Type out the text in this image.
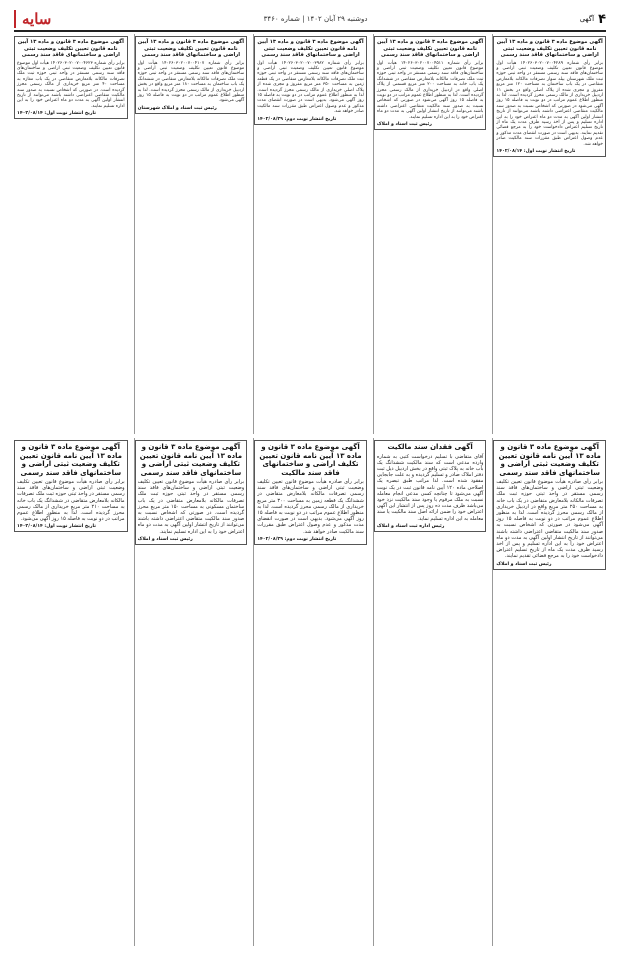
۴
آگهی
دوشنبه ۲۹ آبان ۱۴۰۲ | شماره ۳۴۶۰
سایه
آگهی موضوع ماده ۳ قانون و ماده ۱۳ آیین نامه قانون تعیین تکلیف وضعیت ثبتی اراضی و ساختمانهای فاقد سند رسمی

برابر رأی شماره ۱۴۰۲۶۰۳۰۲۰۰۷۰۰۴۲۸۹ هیأت اول موضوع قانون تعیین تکلیف وضعیت ثبتی اراضی و ساختمان‌های فاقد سند رسمی مستقر در واحد ثبتی حوزه ثبت ملک شهرستان بیله سوار تصرفات مالکانه بلامعارض متقاضی در یک باب ساختمان به مساحت ۱۲۰ متر مربع مفروز و مجزی شده از پلاک اصلی واقع در بخش ۱۱ اردبیل خریداری از مالک رسمی محرز گردیده است. لذا به منظور اطلاع عموم مراتب در دو نوبت به فاصله ۱۵ روز آگهی می‌شود در صورتی که اشخاص نسبت به صدور سند مالکیت متقاضی اعتراضی داشته باشند می‌توانند از تاریخ انتشار اولین آگهی به مدت دو ماه اعتراض خود را به این اداره تسلیم و پس از اخذ رسید ظرف مدت یک ماه از تاریخ تسلیم اعتراض دادخواست خود را به مرجع قضائی تقدیم نمایند. بدیهی است در صورت انقضای مدت مذکور و عدم وصول اعتراض طبق مقررات سند مالکیت صادر خواهد شد.

تاریخ انتشار نوبت اول: ۱۴۰۲/۰۸/۱۴
آگهی موضوع ماده ۳ قانون و ماده ۱۳ آیین نامه قانون تعیین تکلیف وضعیت ثبتی اراضی و ساختمانهای فاقد سند رسمی

برابر رأی شماره ۱۴۰۲۶۰۳۰۲۰۰۷۰۰۴۵۱۱ هیأت اول موضوع قانون تعیین تکلیف وضعیت ثبتی اراضی و ساختمان‌های فاقد سند رسمی مستقر در واحد ثبتی حوزه ثبت ملک تصرفات مالکانه بلامعارض متقاضی در ششدانگ یک باب خانه به مساحت ۲۰۰ متر مربع قسمتی از پلاک اصلی واقع در اردبیل خریداری از مالک رسمی محرز گردیده است. لذا به منظور اطلاع عموم مراتب در دو نوبت به فاصله ۱۵ روز آگهی می‌شود در صورتی که اشخاص نسبت به صدور سند مالکیت متقاضی اعتراضی داشته باشند می‌توانند از تاریخ انتشار اولین آگهی به مدت دو ماه اعتراض خود را به این اداره تسلیم نمایند.

رئیس ثبت اسناد و املاک
آگهی موضوع ماده ۳ قانون و ماده ۱۳ آیین نامه قانون تعیین تکلیف وضعیت ثبتی اراضی و ساختمانهای فاقد سند رسمی

برابر رأی شماره ۱۴۰۲۶۰۳۰۲۰۰۷۰۰۳۹۸۲ هیأت اول موضوع قانون تعیین تکلیف وضعیت ثبتی اراضی و ساختمان‌های فاقد سند رسمی مستقر در واحد ثبتی حوزه ثبت ملک تصرفات مالکانه بلامعارض متقاضی در یک قطعه زمین به مساحت ۳۵۰ متر مربع مفروز و مجزی شده از پلاک اصلی خریداری از مالک رسمی محرز گردیده است. لذا به منظور اطلاع عموم مراتب در دو نوبت به فاصله ۱۵ روز آگهی می‌شود. بدیهی است در صورت انقضای مدت مذکور و عدم وصول اعتراض طبق مقررات سند مالکیت صادر خواهد شد.

تاریخ انتشار نوبت دوم: ۱۴۰۲/۰۸/۲۹
آگهی موضوع ماده ۳ قانون و ماده ۱۳ آیین نامه قانون تعیین تکلیف وضعیت ثبتی اراضی و ساختمانهای فاقد سند رسمی

برابر رأی شماره ۱۴۰۲۶۰۳۰۲۰۰۷۰۰۴۱۰۷ هیأت اول موضوع قانون تعیین تکلیف وضعیت ثبتی اراضی و ساختمان‌های فاقد سند رسمی مستقر در واحد ثبتی حوزه ثبت ملک تصرفات مالکانه بلامعارض متقاضی در ششدانگ یک باب ساختمان به مساحت ۱۸۰ متر مربع واقع در بخش اردبیل خریداری از مالک رسمی محرز گردیده است. لذا به منظور اطلاع عموم مراتب در دو نوبت به فاصله ۱۵ روز آگهی می‌شود.

رئیس ثبت اسناد و املاک شهرستان
آگهی موضوع ماده ۳ قانون و ماده ۱۳ آیین نامه قانون تعیین تکلیف وضعیت ثبتی اراضی و ساختمانهای فاقد سند رسمی

برابر رأی شماره ۱۴۰۲۶۰۳۰۲۰۰۷۰۰۴۶۲۳ هیأت اول موضوع قانون تعیین تکلیف وضعیت ثبتی اراضی و ساختمان‌های فاقد سند رسمی مستقر در واحد ثبتی حوزه ثبت ملک تصرفات مالکانه بلامعارض متقاضی در یک باب مغازه به مساحت ۴۰ متر مربع خریداری از مالک رسمی محرز گردیده است. در صورتی که اشخاص نسبت به صدور سند مالکیت متقاضی اعتراضی داشته باشند می‌توانند از تاریخ انتشار اولین آگهی به مدت دو ماه اعتراض خود را به این اداره تسلیم نمایند.

تاریخ انتشار نوبت اول: ۱۴۰۲/۰۸/۱۴
آگهی موضوع ماده ۳ قانون و ماده ۱۳ آیین نامه قانون تعیین تکلیف وضعیت ثبتی اراضی و ساختمانهای فاقد سند رسمی

برابر رأی صادره هیأت موضوع قانون تعیین تکلیف وضعیت ثبتی اراضی و ساختمان‌های فاقد سند رسمی مستقر در واحد ثبتی حوزه ثبت ملک تصرفات مالکانه بلامعارض متقاضی در یک باب خانه به مساحت ۲۵۰ متر مربع واقع در اردبیل خریداری از مالک رسمی محرز گردیده است. لذا به منظور اطلاع عموم مراتب در دو نوبت به فاصله ۱۵ روز آگهی می‌شود در صورتی که اشخاص نسبت به صدور سند مالکیت متقاضی اعتراضی داشته باشند می‌توانند از تاریخ انتشار اولین آگهی به مدت دو ماه اعتراض خود را به این اداره تسلیم و پس از اخذ رسید ظرف مدت یک ماه از تاریخ تسلیم اعتراض دادخواست خود را به مرجع قضائی تقدیم نمایند.

رئیس ثبت اسناد و املاک
آگهی فقدان سند مالکیت

آقای متقاضی با تسلیم درخواست کتبی به شماره وارده مدعی است که سند مالکیت ششدانگ یک باب خانه به پلاک ثبتی واقع در بخش اردبیل ذیل ثبت دفتر املاک صادر و تسلیم گردیده و به علت جابجایی مفقود شده است. لذا مراتب طبق تبصره یک اصلاحی ماده ۱۲۰ آیین نامه قانون ثبت در یک نوبت آگهی می‌شود تا چنانچه کسی مدعی انجام معامله نسبت به ملک مرقوم یا وجود سند مالکیت نزد خود می‌باشد ظرف مدت ده روز پس از انتشار این آگهی اعتراض خود را ضمن ارائه اصل سند مالکیت یا سند معامله به این اداره تسلیم نماید.

رئیس اداره ثبت اسناد و املاک
آگهی موضوع ماده ۳ قانون و ماده ۱۳ آیین نامه قانون تعیین تکلیف اراضی و ساختمانهای فاقد سند مالکیت

برابر رأی صادره هیأت موضوع قانون تعیین تکلیف وضعیت ثبتی اراضی و ساختمان‌های فاقد سند رسمی تصرفات مالکانه بلامعارض متقاضی در ششدانگ یک قطعه زمین به مساحت ۳۰۰ متر مربع خریداری از مالک رسمی محرز گردیده است. لذا به منظور اطلاع عموم مراتب در دو نوبت به فاصله ۱۵ روز آگهی می‌شود. بدیهی است در صورت انقضای مدت مذکور و عدم وصول اعتراض طبق مقررات سند مالکیت صادر خواهد شد.

تاریخ انتشار نوبت دوم: ۱۴۰۲/۰۸/۲۹
آگهی موضوع ماده ۳ قانون و ماده ۱۳ آیین نامه قانون تعیین تکلیف وضعیت ثبتی اراضی و ساختمانهای فاقد سند رسمی

برابر رأی صادره هیأت موضوع قانون تعیین تکلیف وضعیت ثبتی اراضی و ساختمان‌های فاقد سند رسمی مستقر در واحد ثبتی حوزه ثبت ملک تصرفات مالکانه بلامعارض متقاضی در یک باب ساختمان مسکونی به مساحت ۱۵۰ متر مربع محرز گردیده است. در صورتی که اشخاص نسبت به صدور سند مالکیت متقاضی اعتراضی داشته باشند می‌توانند از تاریخ انتشار اولین آگهی به مدت دو ماه اعتراض خود را به این اداره تسلیم نمایند.

رئیس ثبت اسناد و املاک
آگهی موضوع ماده ۳ قانون و ماده ۱۳ آیین نامه قانون تعیین تکلیف وضعیت ثبتی اراضی و ساختمانهای فاقد سند رسمی

برابر رأی صادره هیأت موضوع قانون تعیین تکلیف وضعیت ثبتی اراضی و ساختمان‌های فاقد سند رسمی مستقر در واحد ثبتی حوزه ثبت ملک تصرفات مالکانه بلامعارض متقاضی در ششدانگ یک باب خانه به مساحت ۲۱۰ متر مربع خریداری از مالک رسمی محرز گردیده است. لذا به منظور اطلاع عموم مراتب در دو نوبت به فاصله ۱۵ روز آگهی می‌شود.

تاریخ انتشار نوبت اول: ۱۴۰۲/۰۸/۱۴
